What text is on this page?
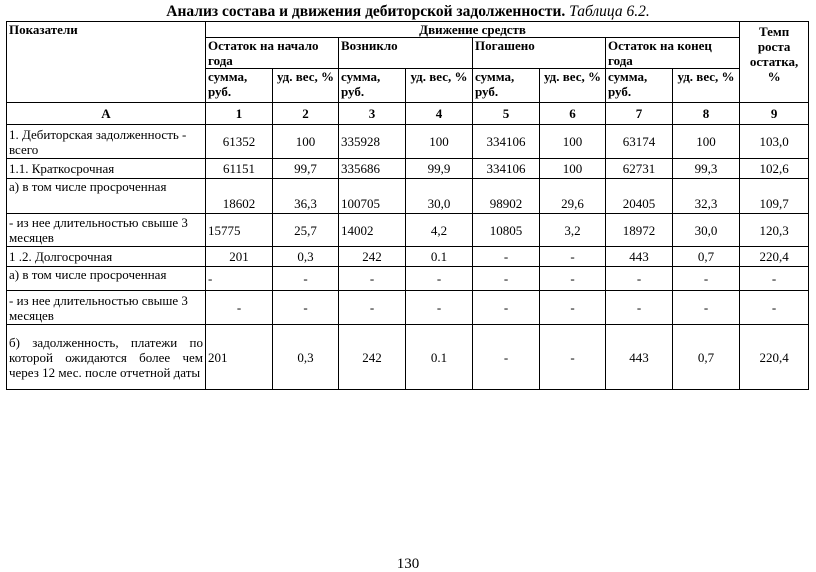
Анализ состава и движения дебиторской задолженности. Таблица 6.2.
Показатели	Движение средств								Темп роста остатка, %
	Остаток на начало года		Возникло		Погашено		Остаток на конец года		
	сумма, руб.	уд. вес, %	сумма, руб.	уд. вес, %	сумма, руб.	уд. вес, %	сумма, руб.	уд. вес, %	
А	1	2	3	4	5	6	7	8	9
1. Дебиторская задолженность - всего	61352	100	335928	100	334106	100	63174	100	103,0
1.1. Краткосрочная	61151	99,7	335686	99,9	334106	100	62731	99,3	102,6
а) в том числе просроченная	18602	36,3	100705	30,0	98902	29,6	20405	32,3	109,7
- из нее длительностью свыше 3 месяцев	15775	25,7	14002	4,2	10805	3,2	18972	30,0	120,3
1 .2. Долгосрочная	201	0,3	242	0.1	-	-	443	0,7	220,4
а) в том числе просроченная	-	-	-	-	-	-	-	-	-
- из нее длительностью свыше 3 месяцев	-	-	-	-	-	-	-	-	-
б) задолженность, платежи по которой ожидаются более чем через 12 мес. после отчетной даты	201	0,3	242	0.1	-	-	443	0,7	220,4
130
